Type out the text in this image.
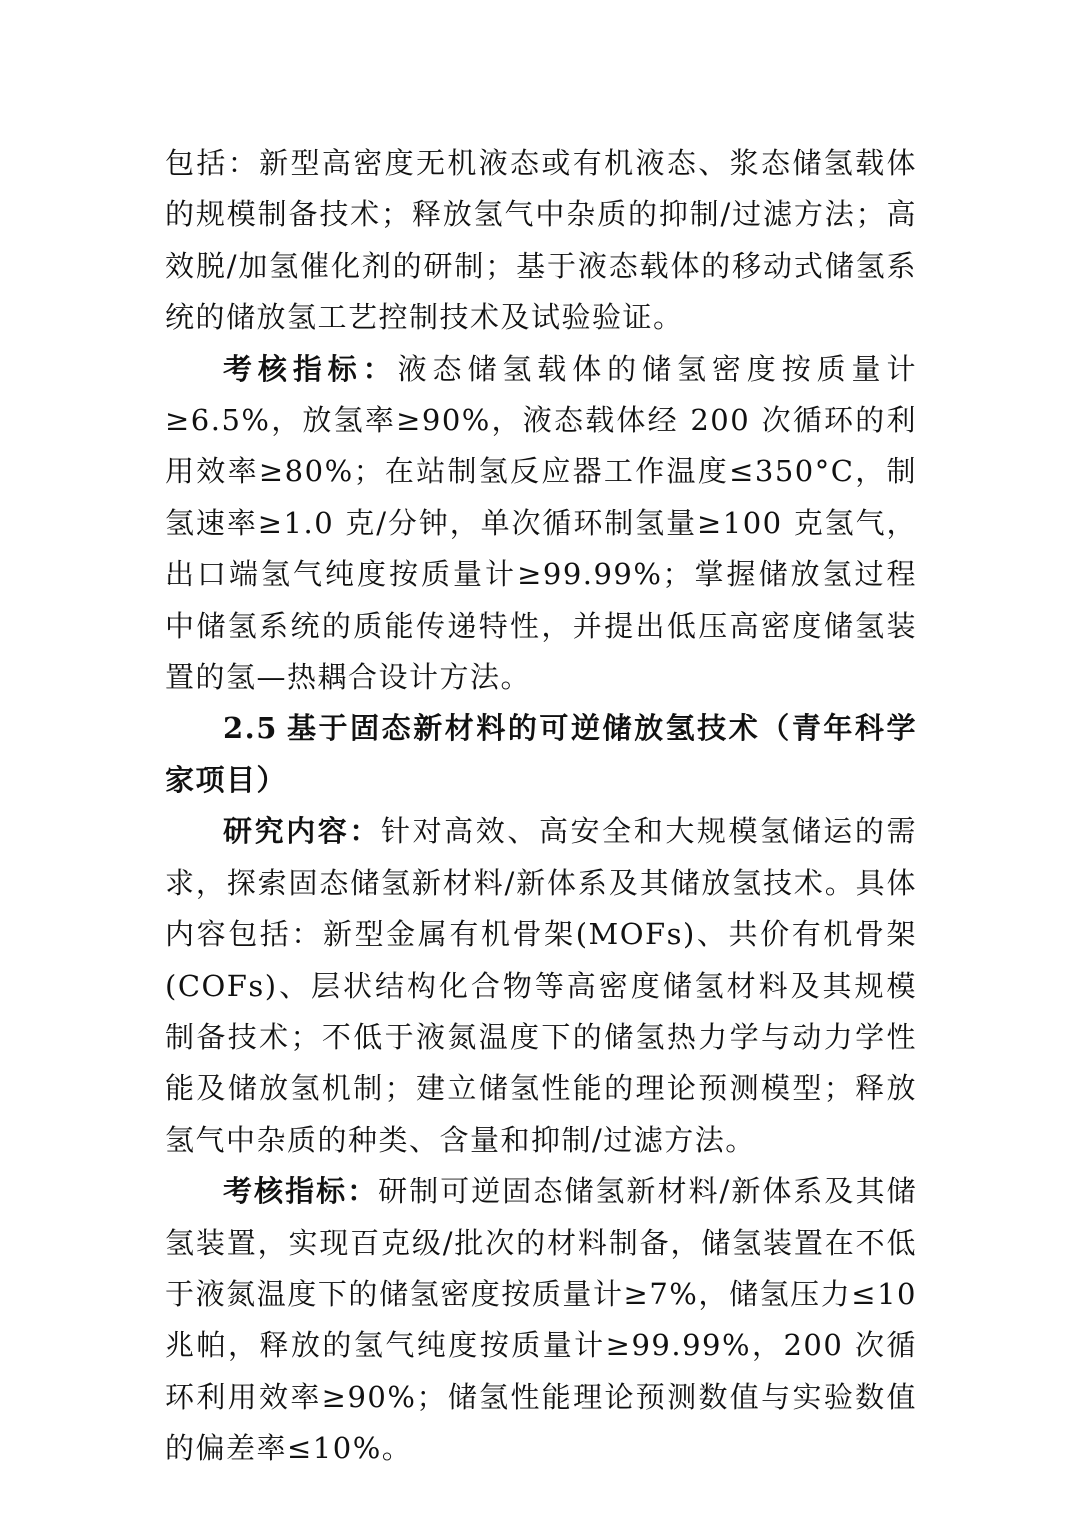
包括：新型高密度无机液态或有机液态、浆态储氢载体的规模制备技术；释放氢气中杂质的抑制/过滤方法；高效脱/加氢催化剂的研制；基于液态载体的移动式储氢系统的储放氢工艺控制技术及试验验证。

考核指标：液态储氢载体的储氢密度按质量计≥6.5%，放氢率≥90%，液态载体经 200 次循环的利用效率≥80%；在站制氢反应器工作温度≤350°C，制氢速率≥1.0 克/分钟，单次循环制氢量≥100 克氢气，出口端氢气纯度按质量计≥99.99%；掌握储放氢过程中储氢系统的质能传递特性，并提出低压高密度储氢装置的氢—热耦合设计方法。

2.5 基于固态新材料的可逆储放氢技术（青年科学家项目）

研究内容：针对高效、高安全和大规模氢储运的需求，探索固态储氢新材料/新体系及其储放氢技术。具体内容包括：新型金属有机骨架(MOFs)、共价有机骨架(COFs)、层状结构化合物等高密度储氢材料及其规模制备技术；不低于液氮温度下的储氢热力学与动力学性能及储放氢机制；建立储氢性能的理论预测模型；释放氢气中杂质的种类、含量和抑制/过滤方法。

考核指标：研制可逆固态储氢新材料/新体系及其储氢装置，实现百克级/批次的材料制备，储氢装置在不低于液氮温度下的储氢密度按质量计≥7%，储氢压力≤10 兆帕，释放的氢气纯度按质量计≥99.99%，200 次循环利用效率≥90%；储氢性能理论预测数值与实验数值的偏差率≤10%。
